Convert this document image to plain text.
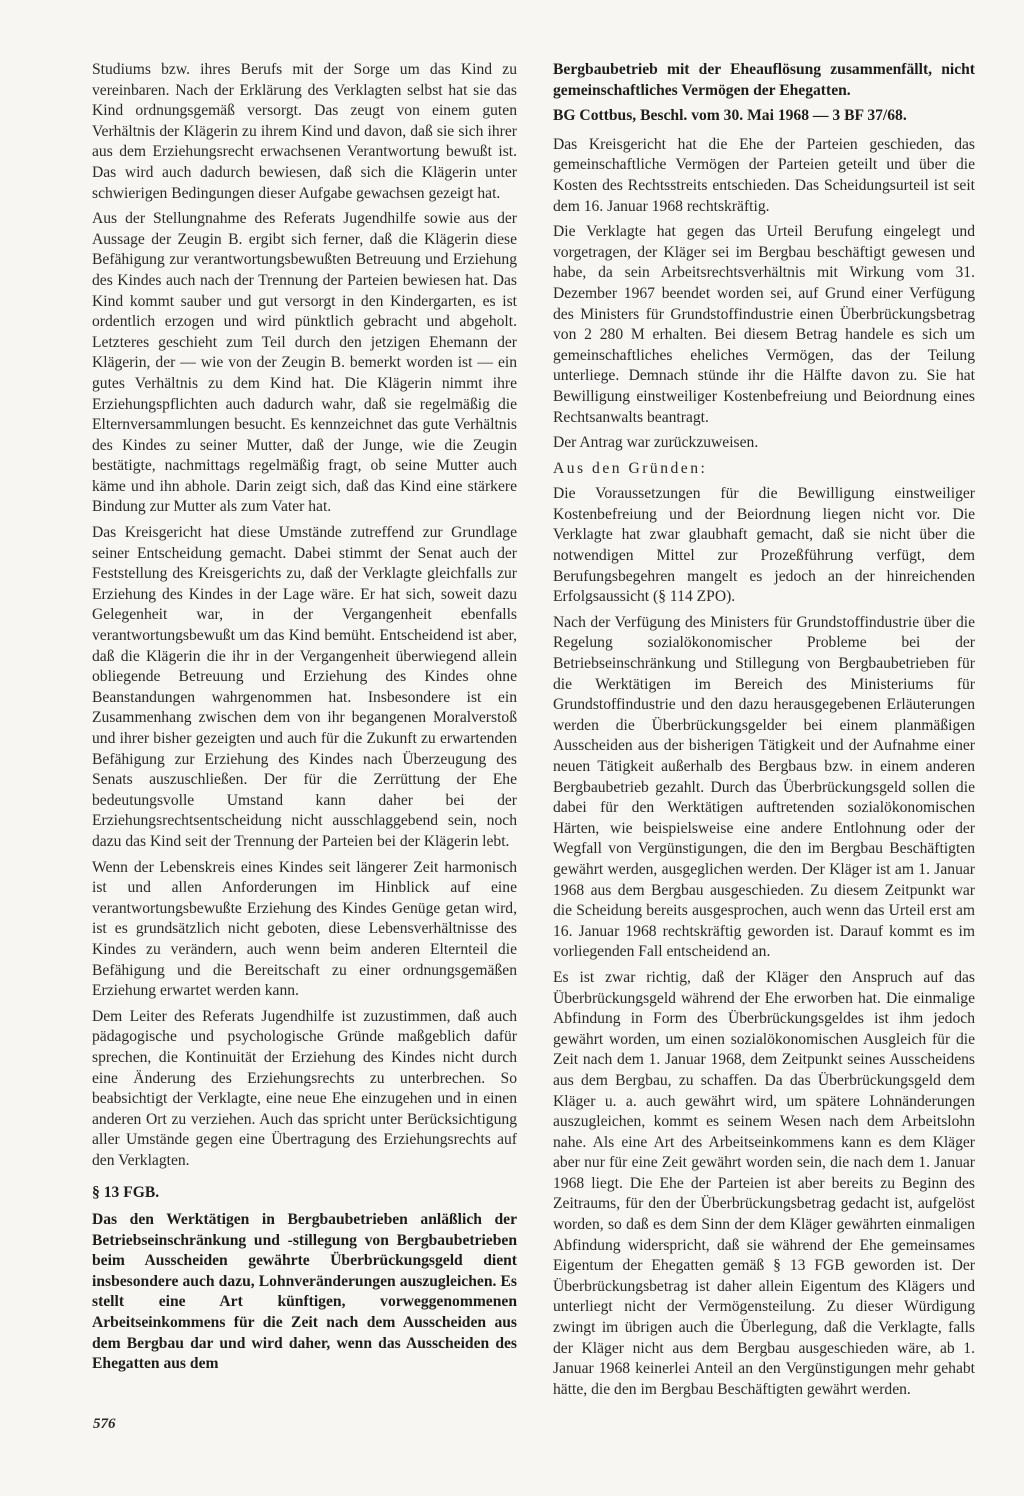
Studiums bzw. ihres Berufs mit der Sorge um das Kind zu vereinbaren. Nach der Erklärung des Verklagten selbst hat sie das Kind ordnungsgemäß versorgt. Das zeugt von einem guten Verhältnis der Klägerin zu ihrem Kind und davon, daß sie sich ihrer aus dem Erziehungsrecht erwachsenen Verantwortung bewußt ist. Das wird auch dadurch bewiesen, daß sich die Klägerin unter schwierigen Bedingungen dieser Aufgabe gewachsen gezeigt hat.

Aus der Stellungnahme des Referats Jugendhilfe sowie aus der Aussage der Zeugin B. ergibt sich ferner, daß die Klägerin diese Befähigung zur verantwortungsbewußten Betreuung und Erziehung des Kindes auch nach der Trennung der Parteien bewiesen hat. Das Kind kommt sauber und gut versorgt in den Kindergarten, es ist ordentlich erzogen und wird pünktlich gebracht und abgeholt. Letzteres geschieht zum Teil durch den jetzigen Ehemann der Klägerin, der — wie von der Zeugin B. bemerkt worden ist — ein gutes Verhältnis zu dem Kind hat. Die Klägerin nimmt ihre Erziehungspflichten auch dadurch wahr, daß sie regelmäßig die Elternversammlungen besucht. Es kennzeichnet das gute Verhältnis des Kindes zu seiner Mutter, daß der Junge, wie die Zeugin bestätigte, nachmittags regelmäßig fragt, ob seine Mutter auch käme und ihn abhole. Darin zeigt sich, daß das Kind eine stärkere Bindung zur Mutter als zum Vater hat.

Das Kreisgericht hat diese Umstände zutreffend zur Grundlage seiner Entscheidung gemacht. Dabei stimmt der Senat auch der Feststellung des Kreisgerichts zu, daß der Verklagte gleichfalls zur Erziehung des Kindes in der Lage wäre. Er hat sich, soweit dazu Gelegenheit war, in der Vergangenheit ebenfalls verantwortungsbewußt um das Kind bemüht. Entscheidend ist aber, daß die Klägerin die ihr in der Vergangenheit überwiegend allein obliegende Betreuung und Erziehung des Kindes ohne Beanstandungen wahrgenommen hat. Insbesondere ist ein Zusammenhang zwischen dem von ihr begangenen Moralverstoß und ihrer bisher gezeigten und auch für die Zukunft zu erwartenden Befähigung zur Erziehung des Kindes nach Überzeugung des Senats auszuschließen. Der für die Zerrüttung der Ehe bedeutungsvolle Umstand kann daher bei der Erziehungsrechtsentscheidung nicht ausschlaggebend sein, noch dazu das Kind seit der Trennung der Parteien bei der Klägerin lebt.

Wenn der Lebenskreis eines Kindes seit längerer Zeit harmonisch ist und allen Anforderungen im Hinblick auf eine verantwortungsbewußte Erziehung des Kindes Genüge getan wird, ist es grundsätzlich nicht geboten, diese Lebensverhältnisse des Kindes zu verändern, auch wenn beim anderen Elternteil die Befähigung und die Bereitschaft zu einer ordnungsgemäßen Erziehung erwartet werden kann.

Dem Leiter des Referats Jugendhilfe ist zuzustimmen, daß auch pädagogische und psychologische Gründe maßgeblich dafür sprechen, die Kontinuität der Erziehung des Kindes nicht durch eine Änderung des Erziehungsrechts zu unterbrechen. So beabsichtigt der Verklagte, eine neue Ehe einzugehen und in einen anderen Ort zu verziehen. Auch das spricht unter Berücksichtigung aller Umstände gegen eine Übertragung des Erziehungsrechts auf den Verklagten.

§ 13 FGB.

Das den Werktätigen in Bergbaubetrieben anläßlich der Betriebseinschränkung und -stillegung von Bergbaubetrieben beim Ausscheiden gewährte Überbrückungsgeld dient insbesondere auch dazu, Lohnveränderungen auszugleichen. Es stellt eine Art künftigen, vorweggenommenen Arbeitseinkommens für die Zeit nach dem Ausscheiden aus dem Bergbau dar und wird daher, wenn das Ausscheiden des Ehegatten aus dem

Bergbaubetrieb mit der Eheauflösung zusammenfällt, nicht gemeinschaftliches Vermögen der Ehegatten.

BG Cottbus, Beschl. vom 30. Mai 1968 — 3 BF 37/68.

Das Kreisgericht hat die Ehe der Parteien geschieden, das gemeinschaftliche Vermögen der Parteien geteilt und über die Kosten des Rechtsstreits entschieden. Das Scheidungsurteil ist seit dem 16. Januar 1968 rechtskräftig.

Die Verklagte hat gegen das Urteil Berufung eingelegt und vorgetragen, der Kläger sei im Bergbau beschäftigt gewesen und habe, da sein Arbeitsrechtsverhältnis mit Wirkung vom 31. Dezember 1967 beendet worden sei, auf Grund einer Verfügung des Ministers für Grundstoffindustrie einen Überbrückungsbetrag von 2 280 M erhalten. Bei diesem Betrag handele es sich um gemeinschaftliches eheliches Vermögen, das der Teilung unterliege. Demnach stünde ihr die Hälfte davon zu. Sie hat Bewilligung einstweiliger Kostenbefreiung und Beiordnung eines Rechtsanwalts beantragt.

Der Antrag war zurückzuweisen.

Aus den Gründen:

Die Voraussetzungen für die Bewilligung einstweiliger Kostenbefreiung und der Beiordnung liegen nicht vor. Die Verklagte hat zwar glaubhaft gemacht, daß sie nicht über die notwendigen Mittel zur Prozeßführung verfügt, dem Berufungsbegehren mangelt es jedoch an der hinreichenden Erfolgsaussicht (§ 114 ZPO).

Nach der Verfügung des Ministers für Grundstoffindustrie über die Regelung sozialökonomischer Probleme bei der Betriebseinschränkung und Stillegung von Bergbaubetrieben für die Werktätigen im Bereich des Ministeriums für Grundstoffindustrie und den dazu herausgegebenen Erläuterungen werden die Überbrückungsgelder bei einem planmäßigen Ausscheiden aus der bisherigen Tätigkeit und der Aufnahme einer neuen Tätigkeit außerhalb des Bergbaus bzw. in einem anderen Bergbaubetrieb gezahlt. Durch das Überbrückungsgeld sollen die dabei für den Werktätigen auftretenden sozialökonomischen Härten, wie beispielsweise eine andere Entlohnung oder der Wegfall von Vergünstigungen, die den im Bergbau Beschäftigten gewährt werden, ausgeglichen werden. Der Kläger ist am 1. Januar 1968 aus dem Bergbau ausgeschieden. Zu diesem Zeitpunkt war die Scheidung bereits ausgesprochen, auch wenn das Urteil erst am 16. Januar 1968 rechtskräftig geworden ist. Darauf kommt es im vorliegenden Fall entscheidend an.

Es ist zwar richtig, daß der Kläger den Anspruch auf das Überbrückungsgeld während der Ehe erworben hat. Die einmalige Abfindung in Form des Überbrückungsgeldes ist ihm jedoch gewährt worden, um einen sozialökonomischen Ausgleich für die Zeit nach dem 1. Januar 1968, dem Zeitpunkt seines Ausscheidens aus dem Bergbau, zu schaffen. Da das Überbrückungsgeld dem Kläger u. a. auch gewährt wird, um spätere Lohnänderungen auszugleichen, kommt es seinem Wesen nach dem Arbeitslohn nahe. Als eine Art des Arbeitseinkommens kann es dem Kläger aber nur für eine Zeit gewährt worden sein, die nach dem 1. Januar 1968 liegt. Die Ehe der Parteien ist aber bereits zu Beginn des Zeitraums, für den der Überbrückungsbetrag gedacht ist, aufgelöst worden, so daß es dem Sinn der dem Kläger gewährten einmaligen Abfindung widerspricht, daß sie während der Ehe gemeinsames Eigentum der Ehegatten gemäß § 13 FGB geworden ist. Der Überbrückungsbetrag ist daher allein Eigentum des Klägers und unterliegt nicht der Vermögensteilung. Zu dieser Würdigung zwingt im übrigen auch die Überlegung, daß die Verklagte, falls der Kläger nicht aus dem Bergbau ausgeschieden wäre, ab 1. Januar 1968 keinerlei Anteil an den Vergünstigungen mehr gehabt hätte, die den im Bergbau Beschäftigten gewährt werden.

576
